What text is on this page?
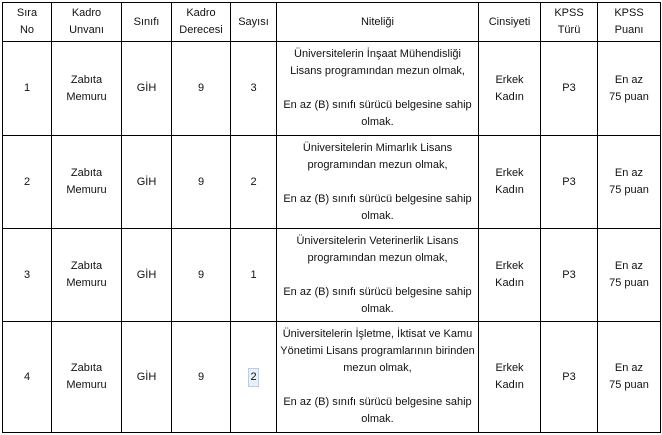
Sıra
No	Kadro
Unvanı	Sınıfı	Kadro
Derecesi	Sayısı	Niteliği	Cinsiyeti	KPSS
Türü	KPSS
Puanı

1	Zabıta
Memuru	GİH	9	3	Üniversitelerin İnşaat Mühendisliği
Lisans programından mezun olmak,
En az (B) sınıfı sürücü belgesine sahip
olmak.	Erkek
Kadın	P3	En az
75 puan

2	Zabıta
Memuru	GİH	9	2	Üniversitelerin Mimarlık Lisans
programından mezun olmak,
En az (B) sınıfı sürücü belgesine sahip
olmak.	Erkek
Kadın	P3	En az
75 puan

3	Zabıta
Memuru	GİH	9	1	Üniversitelerin Veterinerlik Lisans
programından mezun olmak,
En az (B) sınıfı sürücü belgesine sahip
olmak.	Erkek
Kadın	P3	En az
75 puan

4	Zabıta
Memuru	GİH	9	2	Üniversitelerin İşletme, İktisat ve Kamu
Yönetimi Lisans programlarının birinden
mezun olmak,
En az (B) sınıfı sürücü belgesine sahip
olmak.	Erkek
Kadın	P3	En az
75 puan
